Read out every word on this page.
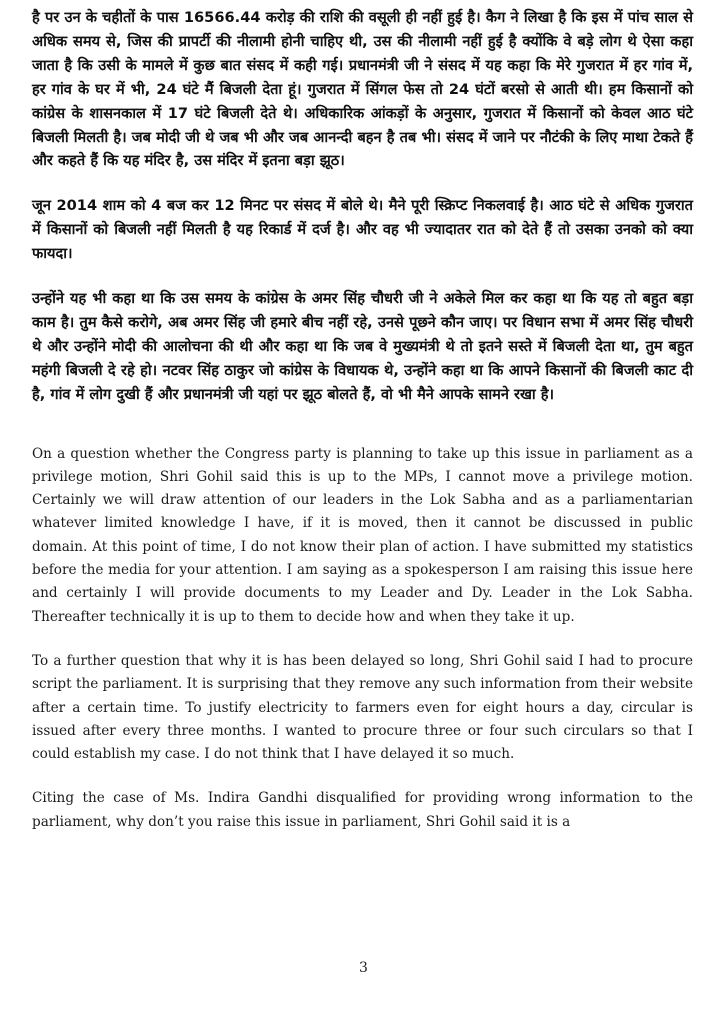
है पर उन के चहीतों के पास 16566.44 करोड़ की राशि की वसूली ही नहीं हुई है। कैग ने लिखा है कि इस में पांच साल से अधिक समय से, जिस की प्रापर्टी की नीलामी होनी चाहिए थी, उस की नीलामी नहीं हुई है क्योंकि वे बड़े लोग थे ऐसा कहा जाता है कि उसी के मामले में कुछ बात संसद में कही गई। प्रधानमंत्री जी ने संसद में यह कहा कि मेरे गुजरात में हर गांव में, हर गांव के घर में भी, 24 घंटे मैं बिजली देता हूं। गुजरात में सिंगल फेस तो 24 घंटों बरसो से आती थी। हम किसानों को कांग्रेस के शासनकाल में 17 घंटे बिजली देते थे। अधिकारिक आंकड़ों के अनुसार, गुजरात में किसानों को केवल आठ घंटे बिजली मिलती है। जब मोदी जी थे जब भी और जब आनन्दी बहन है तब भी। संसद में जाने पर नौटंकी के लिए माथा टेकते हैं और कहते हैं कि यह मंदिर है, उस मंदिर में इतना बड़ा झूठ।

जून 2014 शाम को 4 बज कर 12 मिनट पर संसद में बोले थे। मैने पूरी स्क्रिप्ट निकलवाई है। आठ घंटे से अधिक गुजरात में किसानों को बिजली नहीं मिलती है यह रिकार्ड में दर्ज है। और वह भी ज्यादातर रात को देते हैं तो उसका उनको को क्या फायदा।

उन्होंने यह भी कहा था कि उस समय के कांग्रेस के अमर सिंह चौधरी जी ने अकेले मिल कर कहा था कि यह तो बहुत बड़ा काम है। तुम कैसे करोगे, अब अमर सिंह जी हमारे बीच नहीं रहे, उनसे पूछने कौन जाए। पर विधान सभा में अमर सिंह चौधरी थे और उन्होंने मोदी की आलोचना की थी और कहा था कि जब वे मुख्यमंत्री थे तो इतने सस्ते में बिजली देता था, तुम बहुत महंगी बिजली दे रहे हो। नटवर सिंह ठाकुर जो कांग्रेस के विधायक थे, उन्होंने कहा था कि आपने किसानों की बिजली काट दी है, गांव में लोग दुखी हैं और प्रधानमंत्री जी यहां पर झूठ बोलते हैं, वो भी मैने आपके सामने रखा है।

On a question whether the Congress party is planning to take up this issue in parliament as a privilege motion, Shri Gohil said this is up to the MPs, I cannot move a privilege motion. Certainly we will draw attention of our leaders in the Lok Sabha and as a parliamentarian whatever limited knowledge I have, if it is moved, then it cannot be discussed in public domain. At this point of time, I do not know their plan of action. I have submitted my statistics before the media for your attention. I am saying as a spokesperson I am raising this issue here and certainly I will provide documents to my Leader and Dy. Leader in the Lok Sabha. Thereafter technically it is up to them to decide how and when they take it up.

To a further question that why it is has been delayed so long, Shri Gohil said I had to procure script the parliament. It is surprising that they remove any such information from their website after a certain time. To justify electricity to farmers even for eight hours a day, circular is issued after every three months. I wanted to procure three or four such circulars so that I could establish my case. I do not think that I have delayed it so much.

Citing the case of Ms. Indira Gandhi disqualified for providing wrong information to the parliament, why don’t you raise this issue in parliament, Shri Gohil said it is a

3
